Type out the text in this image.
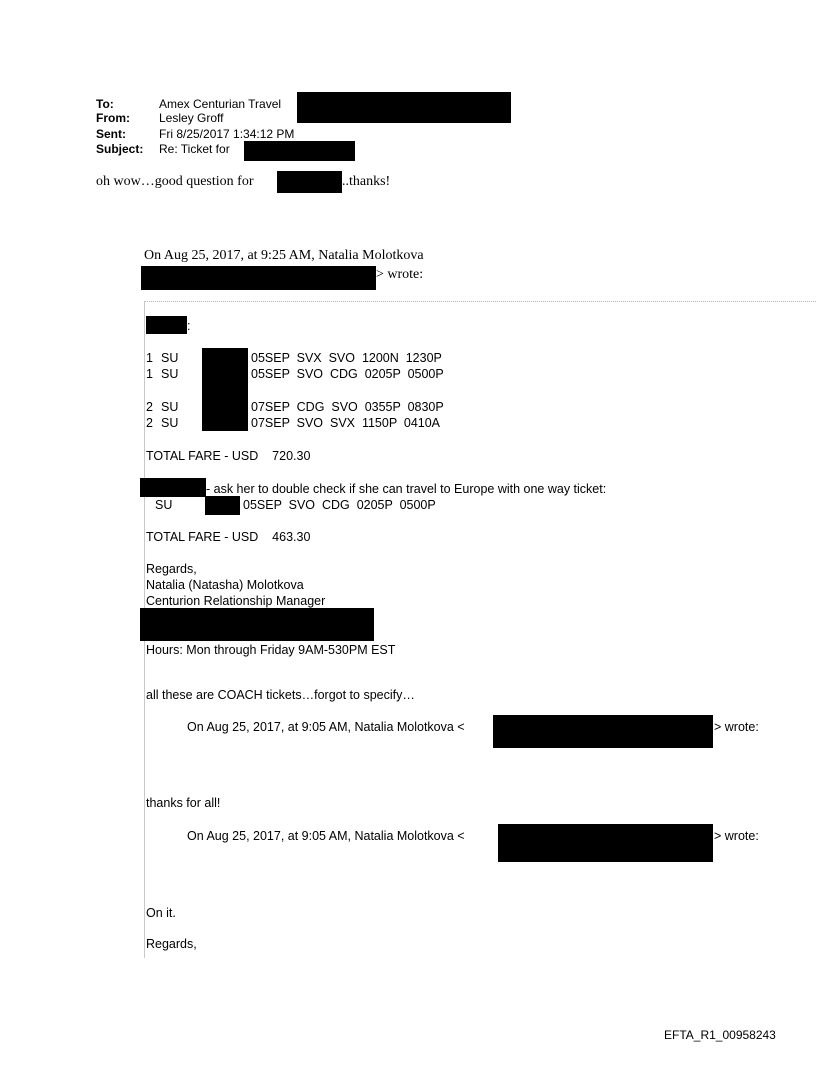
To:	Amex Centurian Travel
From: Lesley Groff
Sent:	Fri 8/25/2017 1:34:12 PM
Subject: Re: Ticket for
oh wow…good question for	..thanks!
On Aug 25, 2017, at 9:25 AM, Natalia Molotkova
> wrote:
:
1 SU	05SEP  SVX  SVO  1200N  1230P
1 SU	05SEP  SVO  CDG  0205P  0500P
2 SU	07SEP  CDG  SVO  0355P  0830P
2 SU	07SEP  SVO  SVX  1150P  0410A
TOTAL FARE - USD    720.30
- ask her to double check if she can travel to Europe with one way ticket:
SU	05SEP  SVO  CDG  0205P  0500P
TOTAL FARE - USD    463.30
Regards,
Natalia (Natasha) Molotkova
Centurion Relationship Manager
Hours: Mon through Friday 9AM-530PM EST
all these are COACH tickets…forgot to specify…
On Aug 25, 2017, at 9:05 AM, Natalia Molotkova <	> wrote:
thanks for all!
On Aug 25, 2017, at 9:05 AM, Natalia Molotkova <	> wrote:
On it.
Regards,
EFTA_R1_00958243
